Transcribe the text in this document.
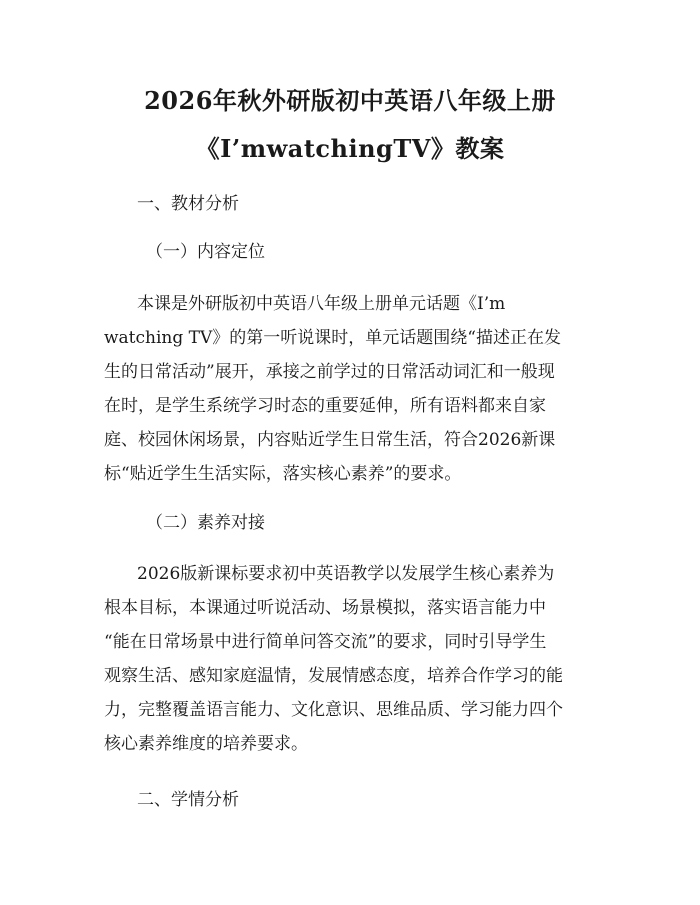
2026年秋外研版初中英语八年级上册
《I’mwatchingTV》教案
一、教材分析
（一）内容定位
本课是外研版初中英语八年级上册单元话题《I’m
watching TV》的第一听说课时，单元话题围绕“描述正在发
生的日常活动”展开，承接之前学过的日常活动词汇和一般现
在时，是学生系统学习时态的重要延伸，所有语料都来自家
庭、校园休闲场景，内容贴近学生日常生活，符合2026新课
标“贴近学生生活实际，落实核心素养”的要求。
（二）素养对接
2026版新课标要求初中英语教学以发展学生核心素养为
根本目标，本课通过听说活动、场景模拟，落实语言能力中
“能在日常场景中进行简单问答交流”的要求，同时引导学生
观察生活、感知家庭温情，发展情感态度，培养合作学习的能
力，完整覆盖语言能力、文化意识、思维品质、学习能力四个
核心素养维度的培养要求。
二、学情分析
